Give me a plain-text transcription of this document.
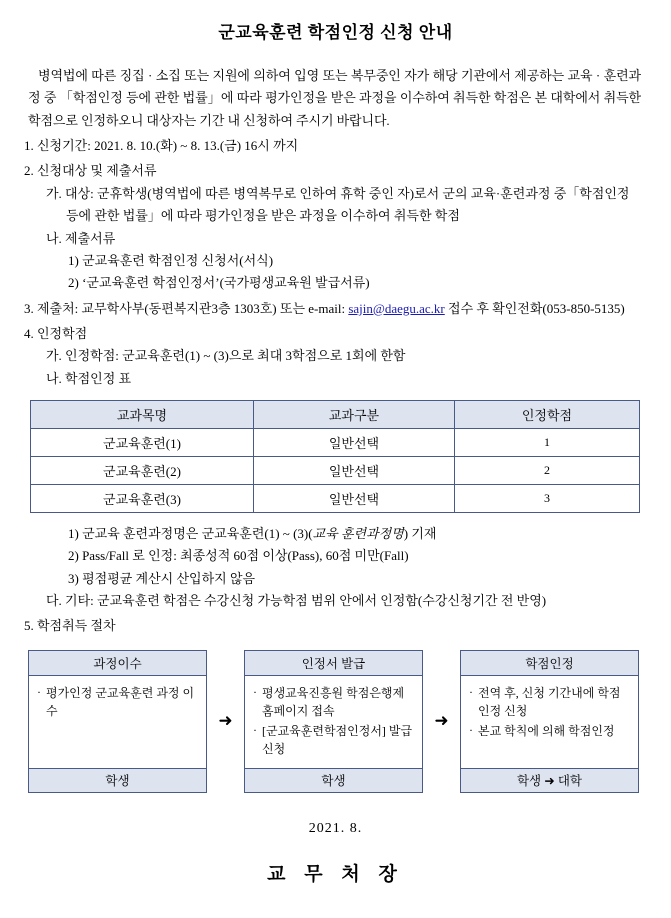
군교육훈련 학점인정 신청 안내
병역법에 따른 징집 · 소집 또는 지원에 의하여 입영 또는 복무중인 자가 해당 기관에서 제공하는 교육 · 훈련과정 중 「학점인정 등에 관한 법률」에 따라 평가인정을 받은 과정을 이수하여 취득한 학점은 본 대학에서 취득한 학점으로 인정하오니 대상자는 기간 내 신청하여 주시기 바랍니다.
1. 신청기간: 2021. 8. 10.(화) ~ 8. 13.(금) 16시 까지
2. 신청대상 및 제출서류
가. 대상: 군휴학생(병역법에 따른 병역복무로 인하여 휴학 중인 자)로서 군의 교육·훈련과정 중「학점인정
등에 관한 법률」에 따라 평가인정을 받은 과정을 이수하여 취득한 학점
나. 제출서류
1) 군교육훈련 학점인정 신청서(서식)
2) ‘군교육훈련 학점인정서’(국가평생교육원 발급서류)
3. 제출처: 교무학사부(동편복지관3층 1303호) 또는 e-mail: sajin@daegu.ac.kr 접수 후 확인전화(053-850-5135)
4. 인정학점
가. 인정학점: 군교육훈련(1) ~ (3)으로 최대 3학점으로 1회에 한함
나. 학점인정 표
교과목명	교과구분	인정학점
군교육훈련(1)	일반선택	1
군교육훈련(2)	일반선택	2
군교육훈련(3)	일반선택	3
1) 군교육 훈련과정명은 군교육훈련(1) ~ (3)(교육 훈련과정명) 기재
2) Pass/Fall 로 인정: 최종성적 60점 이상(Pass), 60점 미만(Fall)
3) 평점평균 계산시 산입하지 않음
다. 기타: 군교육훈련 학점은 수강신청 가능학점 범위 안에서 인정함(수강신청기간 전 반영)
5. 학점취득 절차
과정이수
· 평가인정 군교육훈련 과정 이수
학생
➜
인정서 발급
· 평생교육진흥원 학점은행제 홈페이지 접속
· [군교육훈련학점인정서] 발급신청
학생
➜
학점인정
· 전역 후, 신청 기간내에 학점인정 신청
· 본교 학칙에 의해 학점인정
학생 ➜ 대학
2021. 8.
교 무 처 장
